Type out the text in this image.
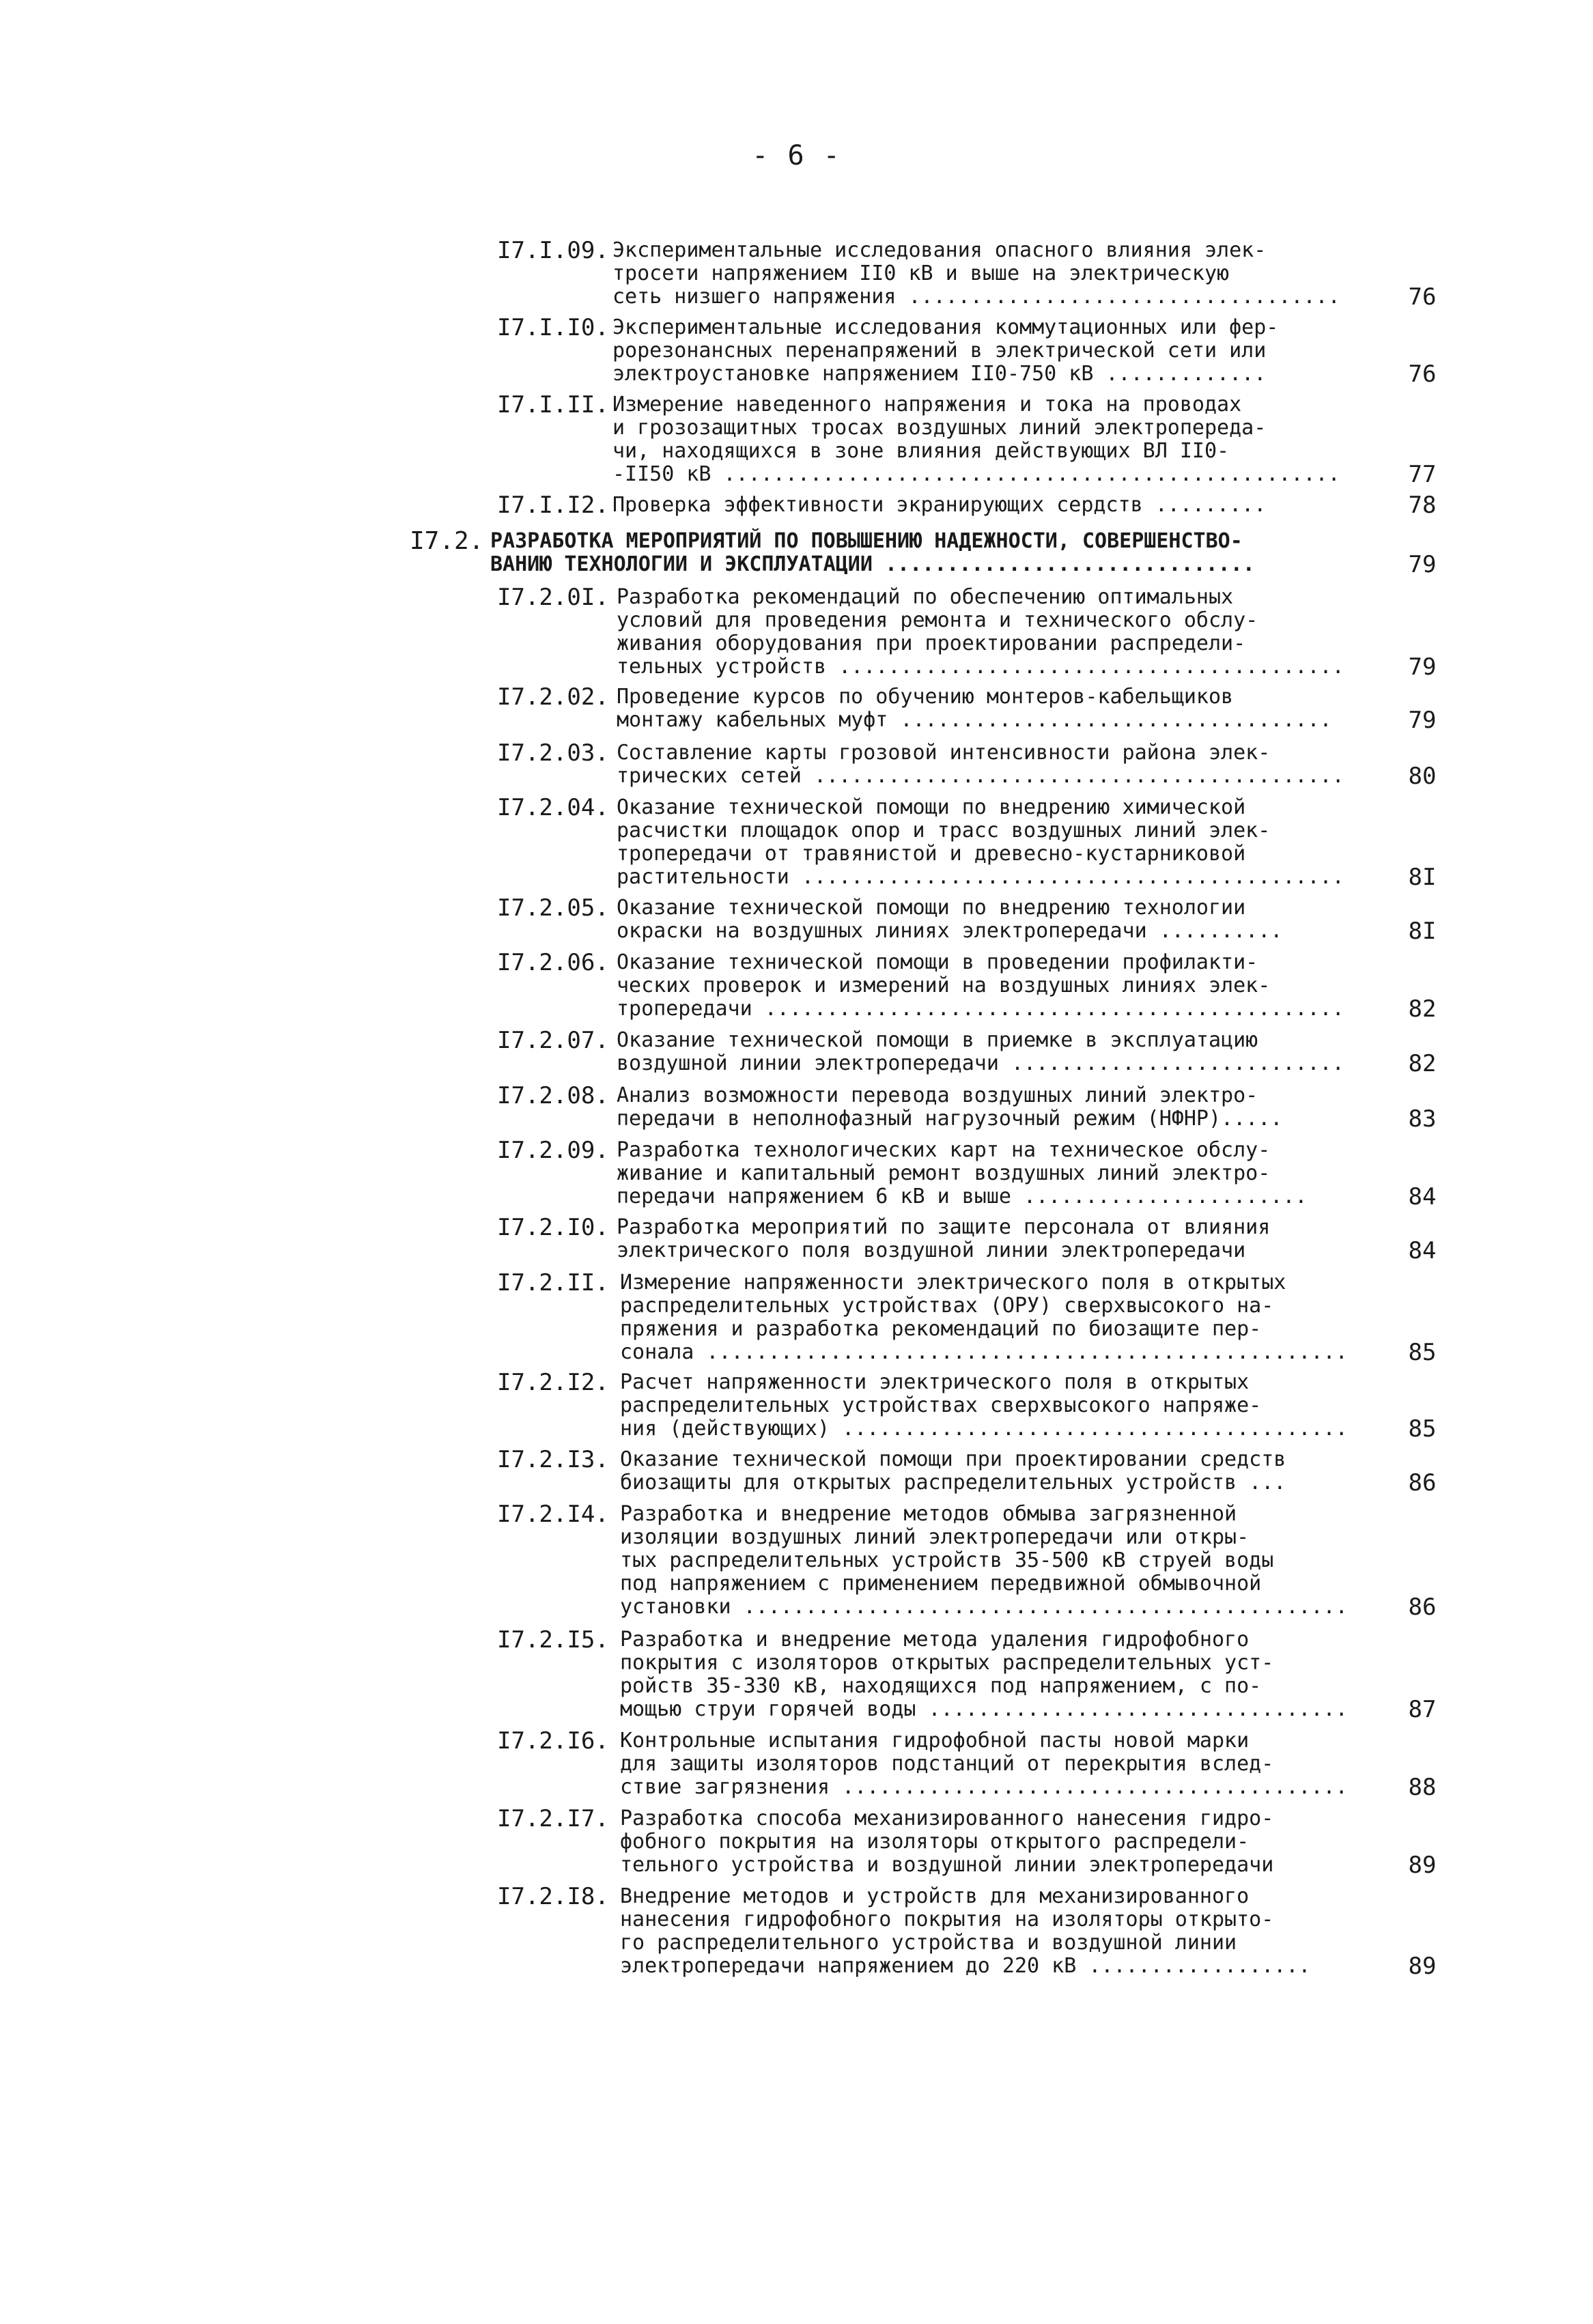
- 6 -
I7.I.09. Экспериментальные исследования опасного влияния элек-
тросети напряжением II0 кВ и выше на электрическую
сеть низшего напряжения ...................................	76
I7.I.I0. Экспериментальные исследования коммутационных или фер-
рорезонансных перенапряжений в электрической сети или
электроустановке напряжением II0-750 кВ .............	76
I7.I.II. Измерение наведенного напряжения и тока на проводах
и грозозащитных тросах воздушных линий электропереда-
чи, находящихся в зоне влияния действующих ВЛ II0-
-II50 кВ ..................................................	77
I7.I.I2. Проверка эффективности экранирующих сердств .........	78
I7.2. РАЗРАБОТКА МЕРОПРИЯТИЙ ПО ПОВЫШЕНИЮ НАДЕЖНОСТИ, СОВЕРШЕНСТВО-
ВАНИЮ ТЕХНОЛОГИИ И ЭКСПЛУАТАЦИИ ..............................	79
I7.2.0I. Разработка рекомендаций по обеспечению оптимальных
условий для проведения ремонта и технического обслу-
живания оборудования при проектировании распредели-
тельных устройств .........................................	79
I7.2.02. Проведение курсов по обучению монтеров-кабельщиков
монтажу кабельных муфт ...................................	79
I7.2.03. Составление карты грозовой интенсивности района элек-
трических сетей ...........................................	80
I7.2.04. Оказание технической помощи по внедрению химической
расчистки площадок опор и трасс воздушных линий элек-
тропередачи от травянистой и древесно-кустарниковой
растительности ............................................	8I
I7.2.05. Оказание технической помощи по внедрению технологии
окраски на воздушных линиях электропередачи ..........	8I
I7.2.06. Оказание технической помощи в проведении профилакти-
ческих проверок и измерений на воздушных линиях элек-
тропередачи ...............................................	82
I7.2.07. Оказание технической помощи в приемке в эксплуатацию
воздушной линии электропередачи ...........................	82
I7.2.08. Анализ возможности перевода воздушных линий электро-
передачи в неполнофазный нагрузочный режим (НФНР).....	83
I7.2.09. Разработка технологических карт на техническое обслу-
живание и капитальный ремонт воздушных линий электро-
передачи напряжением 6 кВ и выше .......................	84
I7.2.I0. Разработка мероприятий по защите персонала от влияния
электрического поля воздушной линии электропередачи	84
I7.2.II. Измерение напряженности электрического поля в открытых
распределительных устройствах (ОРУ) сверхвысокого на-
пряжения и разработка рекомендаций по биозащите пер-
сонала ....................................................	85
I7.2.I2. Расчет напряженности электрического поля в открытых
распределительных устройствах сверхвысокого напряже-
ния (действующих) .........................................	85
I7.2.I3. Оказание технической помощи при проектировании средств
биозащиты для открытых распределительных устройств ...	86
I7.2.I4. Разработка и внедрение методов обмыва загрязненной
изоляции воздушных линий электропередачи или откры-
тых распределительных устройств 35-500 кВ струей воды
под напряжением с применением передвижной обмывочной
установки .................................................	86
I7.2.I5. Разработка и внедрение метода удаления гидрофобного
покрытия с изоляторов открытых распределительных уст-
ройств 35-330 кВ, находящихся под напряжением, с по-
мощью струи горячей воды ..................................	87
I7.2.I6. Контрольные испытания гидрофобной пасты новой марки
для защиты изоляторов подстанций от перекрытия вслед-
ствие загрязнения .........................................	88
I7.2.I7. Разработка способа механизированного нанесения гидро-
фобного покрытия на изоляторы открытого распредели-
тельного устройства и воздушной линии электропередачи	89
I7.2.I8. Внедрение методов и устройств для механизированного
нанесения гидрофобного покрытия на изоляторы открыто-
го распределительного устройства и воздушной линии
электропередачи напряжением до 220 кВ ..................	89
